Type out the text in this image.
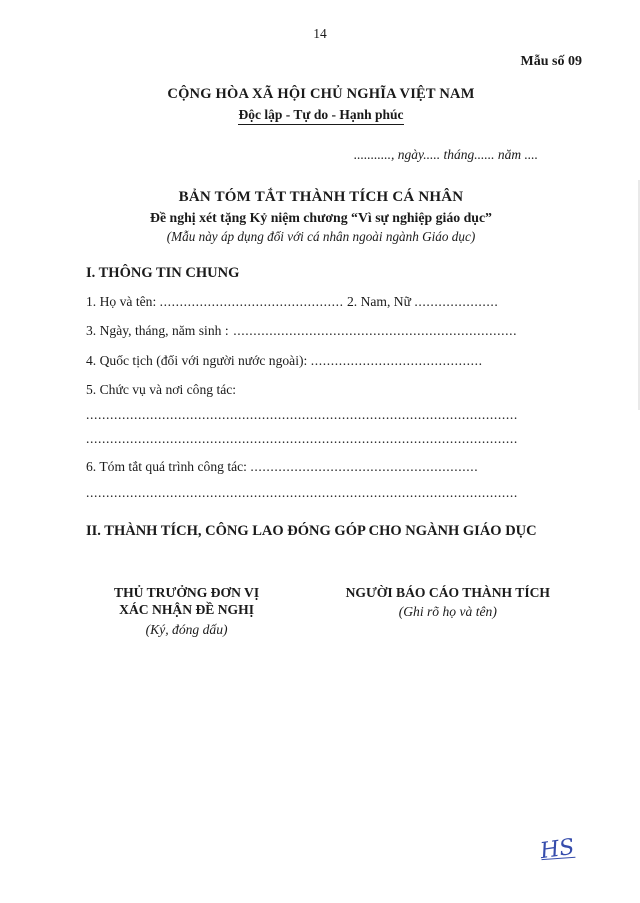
14
Mẫu số 09
CỘNG HÒA XÃ HỘI CHỦ NGHĨA VIỆT NAM
Độc lập - Tự do - Hạnh phúc
..........., ngày..... tháng...... năm ....
BẢN TÓM TẮT THÀNH TÍCH CÁ NHÂN
Đề nghị xét tặng Kỷ niệm chương “Vì sự nghiệp giáo dục”
(Mẫu này áp dụng đối với cá nhân ngoài ngành Giáo dục)
I. THÔNG TIN CHUNG
1. Họ và tên: .............................................. 2. Nam, Nữ .....................
3. Ngày, tháng, năm sinh : .......................................................................
4. Quốc tịch (đối với người nước ngoài): ...........................................
5. Chức vụ và nơi công tác:
............................................................................................................
............................................................................................................
6. Tóm tắt quá trình công tác: .........................................................
............................................................................................................
II. THÀNH TÍCH, CÔNG LAO ĐÓNG GÓP CHO NGÀNH GIÁO DỤC
THỦ TRƯỞNG ĐƠN VỊ
XÁC NHẬN ĐỀ NGHỊ
(Ký, đóng dấu)
NGƯỜI BÁO CÁO THÀNH TÍCH
(Ghi rõ họ và tên)
HS
